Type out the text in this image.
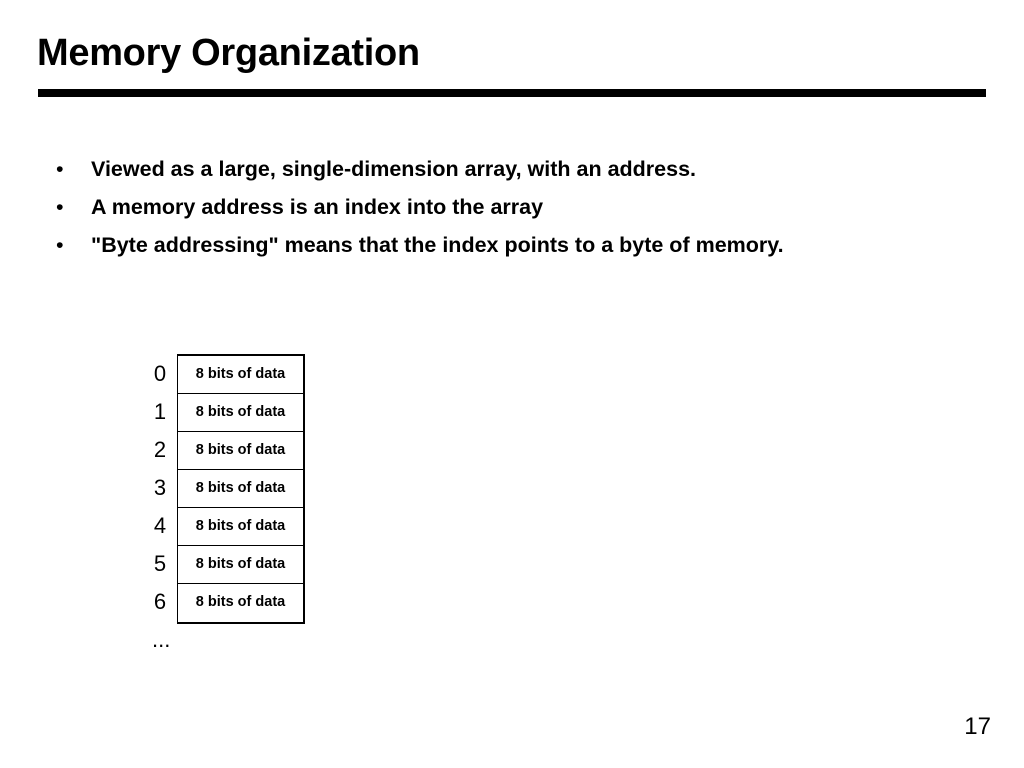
Memory Organization
• Viewed as a large, single-dimension array, with an address.
• A memory address is an index into the array
• "Byte addressing" means that the index points to a byte of memory.
0
1
2
3
4
5
6
8 bits of data
8 bits of data
8 bits of data
8 bits of data
8 bits of data
8 bits of data
8 bits of data
...
17
